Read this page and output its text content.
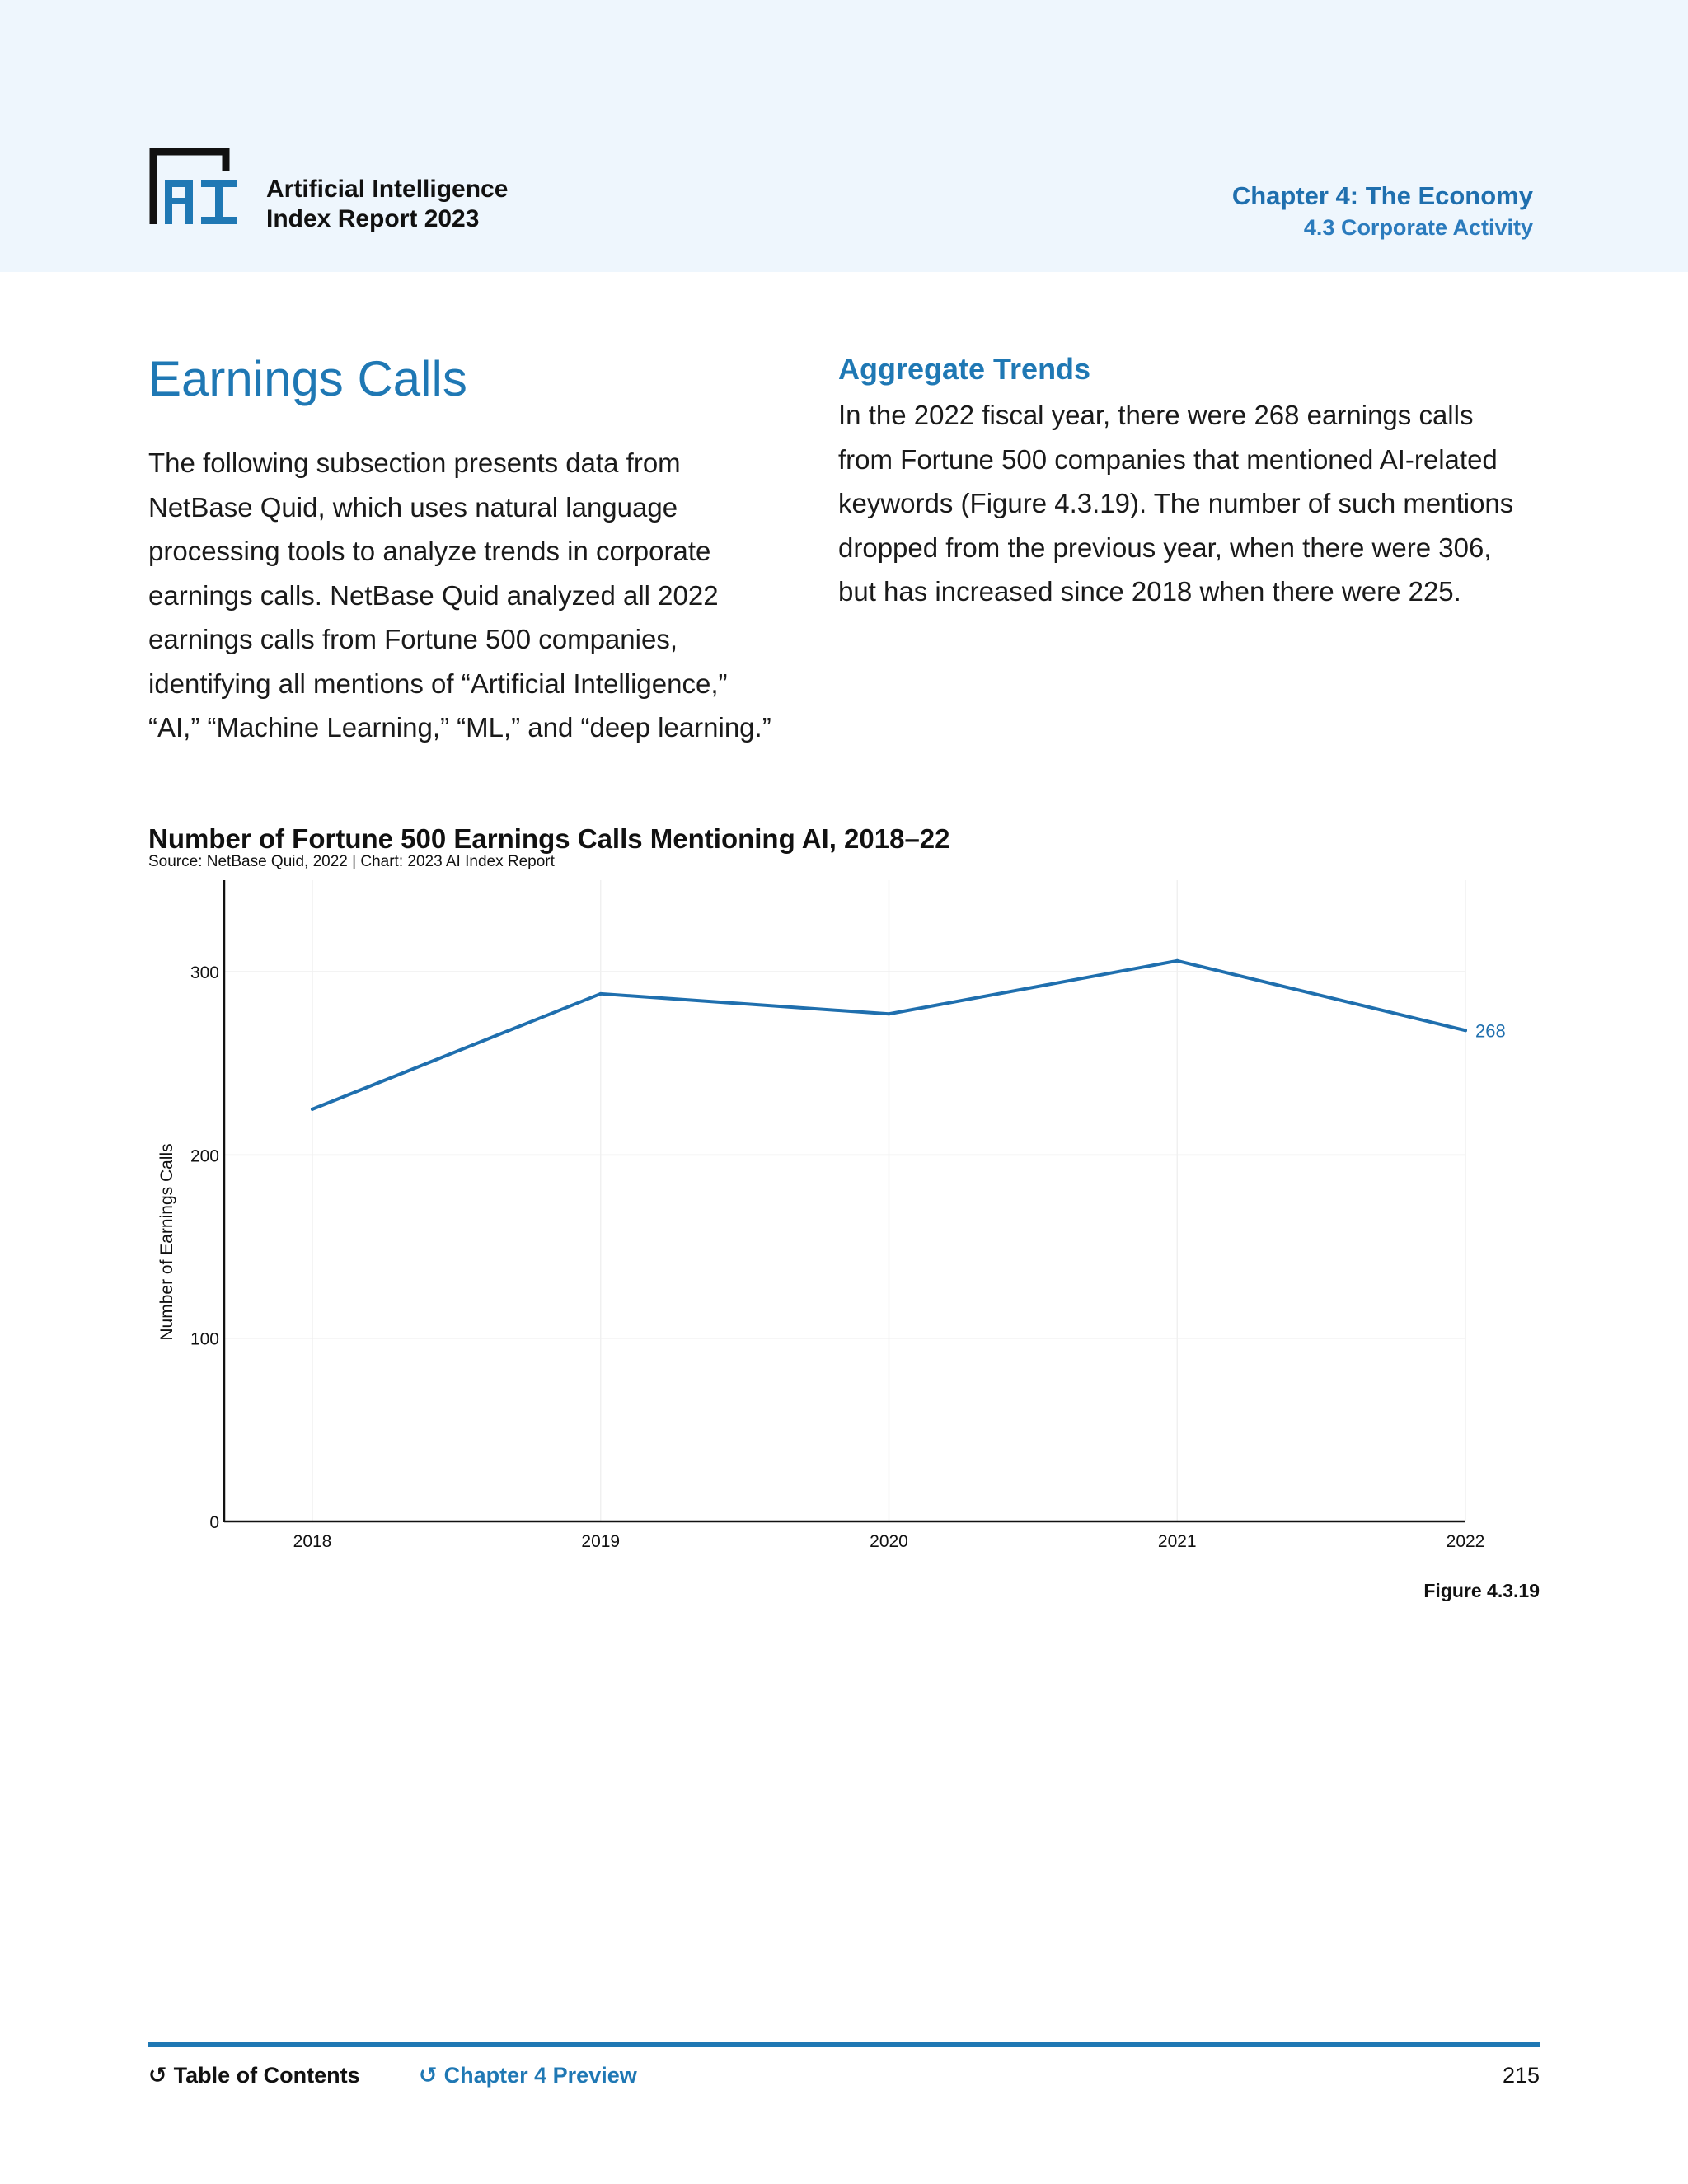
Artificial Intelligence
Index Report 2023
Chapter 4: The Economy
4.3 Corporate Activity
Earnings Calls
The following subsection presents data from
NetBase Quid, which uses natural language
processing tools to analyze trends in corporate
earnings calls. NetBase Quid analyzed all 2022
earnings calls from Fortune 500 companies,
identifying all mentions of “Artificial Intelligence,”
“AI,” “Machine Learning,” “ML,” and “deep learning.”
Aggregate Trends
In the 2022 fiscal year, there were 268 earnings calls
from Fortune 500 companies that mentioned AI-related
keywords (Figure 4.3.19). The number of such mentions
dropped from the previous year, when there were 306,
but has increased since 2018 when there were 225.
Number of Fortune 500 Earnings Calls Mentioning AI, 2018–22
Source: NetBase Quid, 2022 | Chart: 2023 AI Index Report
0
100
200
300
2018	2019	2020	2021	2022
Number of Earnings Calls
268
Figure 4.3.19
↺ Table of Contents	↺ Chapter 4 Preview	215
